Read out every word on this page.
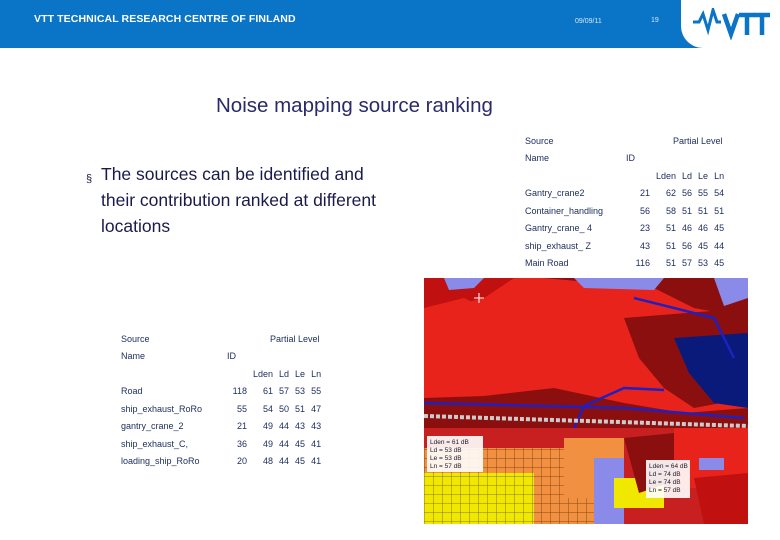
VTT TECHNICAL RESEARCH CENTRE OF FINLAND	09/09/11	19
Noise mapping source ranking
§ The sources can be identified and their contribution ranked at different locations
Source		Partial Level			
Name	ID				
		Lden	Ld	Le	Ln
Gantry_crane2	21	62	56	55	54
Container_handling	56	58	51	51	51
Gantry_crane_ 4	23	51	46	46	45
ship_exhaust_ Z	43	51	56	45	44
Main Road	116	51	57	53	45
Source		Partial Level			
Name	ID				
		Lden	Ld	Le	Ln
Road	118	61	57	53	55
ship_exhaust_RoRo	55	54	50	51	47
gantry_crane_2	21	49	44	43	43
ship_exhaust_C,	36	49	44	45	41
loading_ship_RoRo	20	48	44	45	41
Lden = 61 dB
Ld = 53 dB
Le = 53 dB
Ln = 57 dB	Lden = 64 dB
Ld = 74 dB
Le = 74 dB
Ln = 57 dB
